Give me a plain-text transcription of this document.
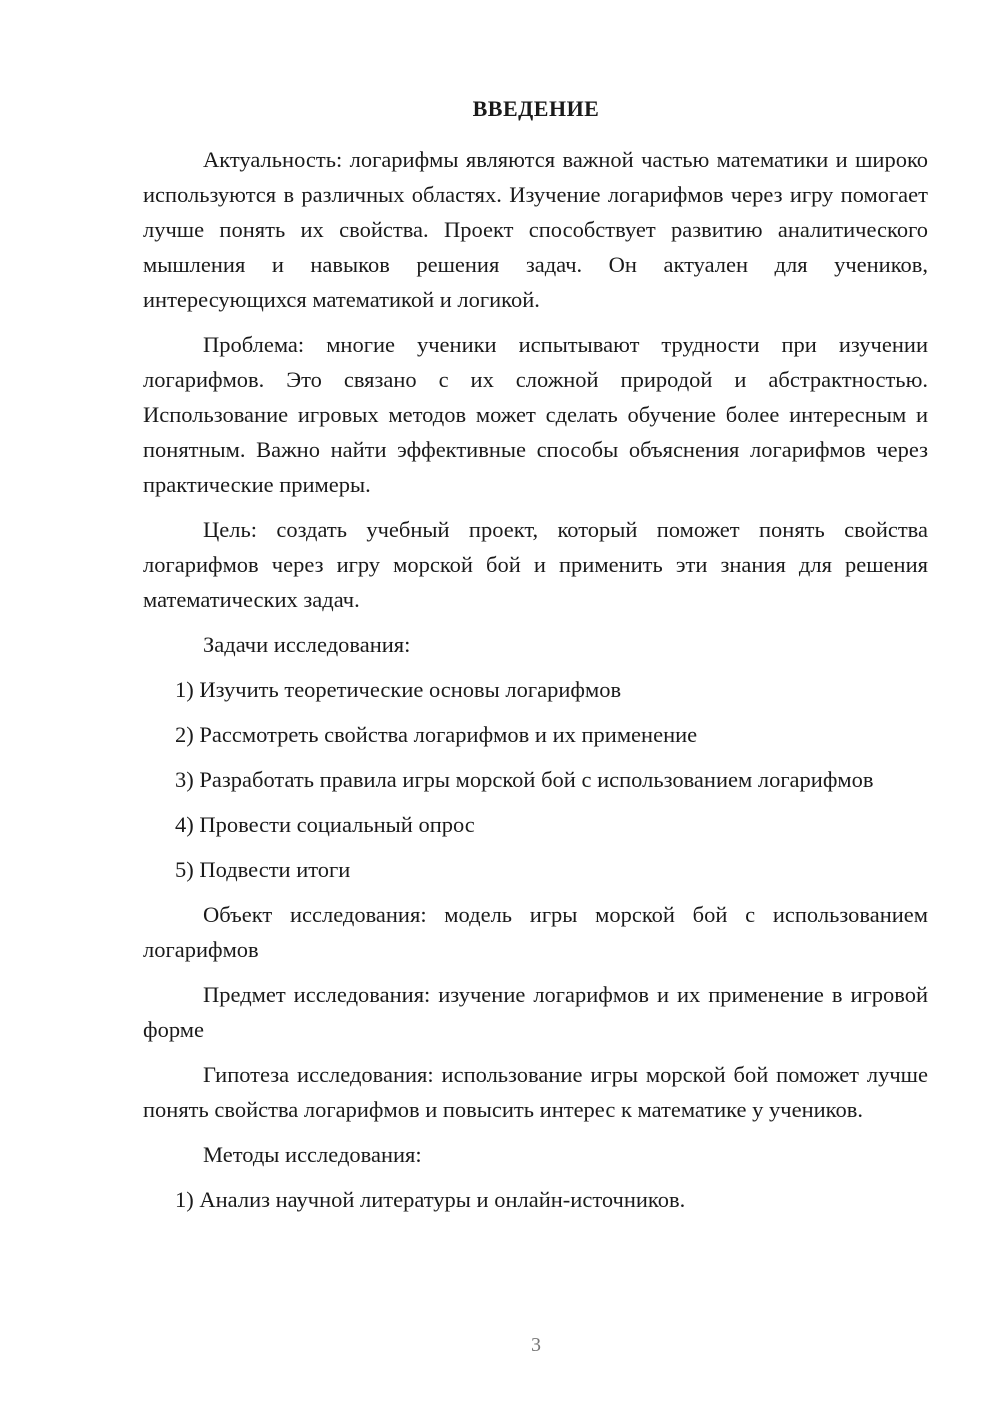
ВВЕДЕНИЕ

Актуальность: логарифмы являются важной частью математики и широко используются в различных областях. Изучение логарифмов через игру помогает лучше понять их свойства. Проект способствует развитию аналитического мышления и навыков решения задач. Он актуален для учеников, интересующихся математикой и логикой.

Проблема: многие ученики испытывают трудности при изучении логарифмов. Это связано с их сложной природой и абстрактностью. Использование игровых методов может сделать обучение более интересным и понятным. Важно найти эффективные способы объяснения логарифмов через практические примеры.

Цель: создать учебный проект, который поможет понять свойства логарифмов через игру морской бой и применить эти знания для решения математических задач.

Задачи исследования:

1) Изучить теоретические основы логарифмов

2) Рассмотреть свойства логарифмов и их применение

3) Разработать правила игры морской бой с использованием логарифмов

4) Провести социальный опрос

5) Подвести итоги

Объект исследования: модель игры морской бой с использованием логарифмов

Предмет исследования: изучение логарифмов и их применение в игровой форме

Гипотеза исследования: использование игры морской бой поможет лучше понять свойства логарифмов и повысить интерес к математике у учеников.

Методы исследования:

1) Анализ научной литературы и онлайн-источников.

3
